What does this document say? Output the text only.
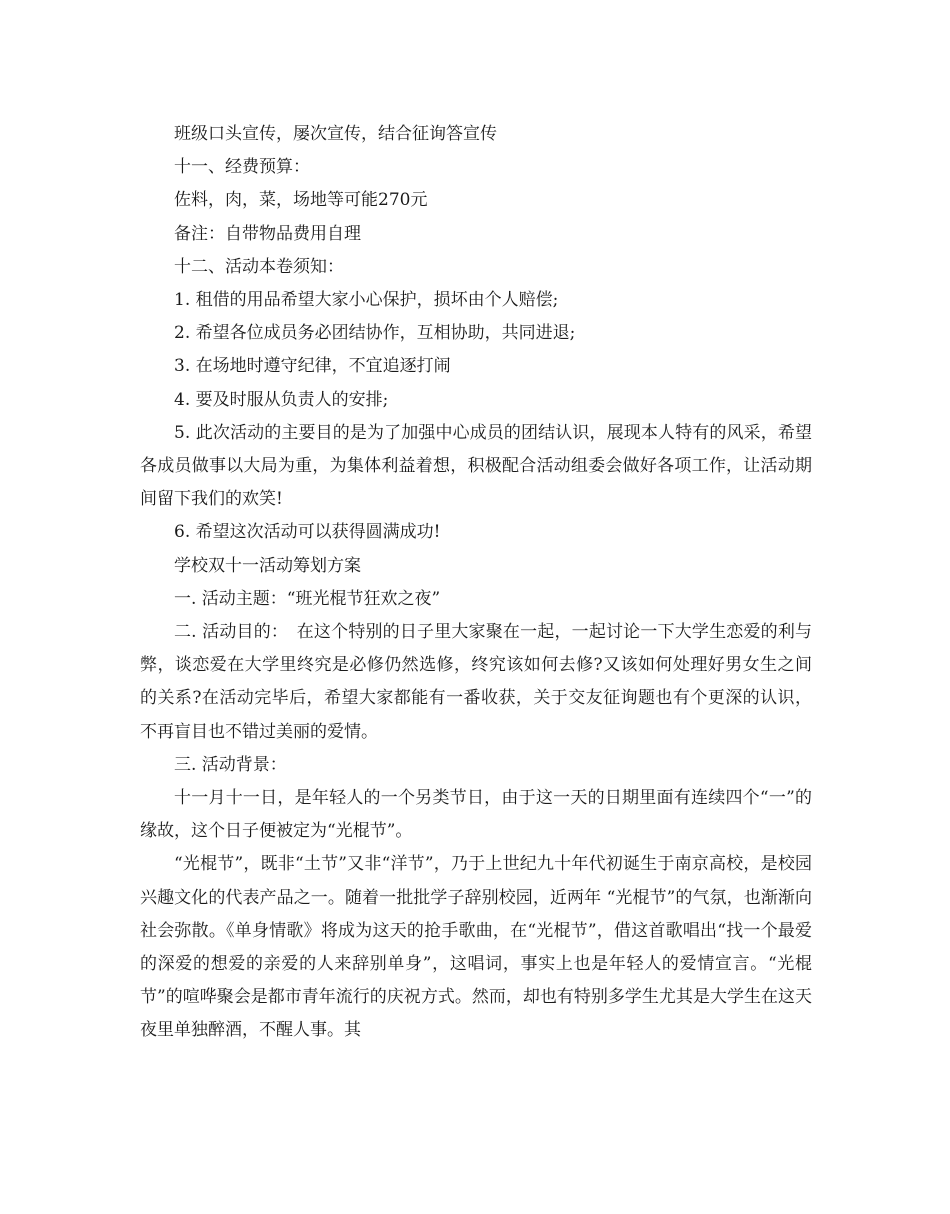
班级口头宣传，屡次宣传，结合征询答宣传

十一、经费预算：

佐料，肉，菜，场地等可能270元

备注：自带物品费用自理

十二、活动本卷须知：

1. 租借的用品希望大家小心保护，损坏由个人赔偿;

2. 希望各位成员务必团结协作，互相协助，共同进退;

3. 在场地时遵守纪律，不宜追逐打闹

4. 要及时服从负责人的安排;

5. 此次活动的主要目的是为了加强中心成员的团结认识，展现本人特有的风采，希望各成员做事以大局为重，为集体利益着想，积极配合活动组委会做好各项工作，让活动期间留下我们的欢笑!

6. 希望这次活动可以获得圆满成功!

学校双十一活动筹划方案

一. 活动主题：“班光棍节狂欢之夜”

二. 活动目的：　在这个特别的日子里大家聚在一起，一起讨论一下大学生恋爱的利与弊，谈恋爱在大学里终究是必修仍然选修，终究该如何去修?又该如何处理好男女生之间的关系?在活动完毕后，希望大家都能有一番收获，关于交友征询题也有个更深的认识，不再盲目也不错过美丽的爱情。

三. 活动背景：

十一月十一日，是年轻人的一个另类节日，由于这一天的日期里面有连续四个“一”的缘故，这个日子便被定为“光棍节”。

“光棍节”，既非“土节”又非“洋节”，乃于上世纪九十年代初诞生于南京高校，是校园兴趣文化的代表产品之一。随着一批批学子辞别校园，近两年 “光棍节”的气氛，也渐渐向社会弥散。《单身情歌》将成为这天的抢手歌曲，在“光棍节”，借这首歌唱出“找一个最爱的深爱的想爱的亲爱的人来辞别单身”，这唱词，事实上也是年轻人的爱情宣言。“光棍节”的喧哗聚会是都市青年流行的庆祝方式。然而，却也有特别多学生尤其是大学生在这天夜里单独醉酒，不醒人事。其
